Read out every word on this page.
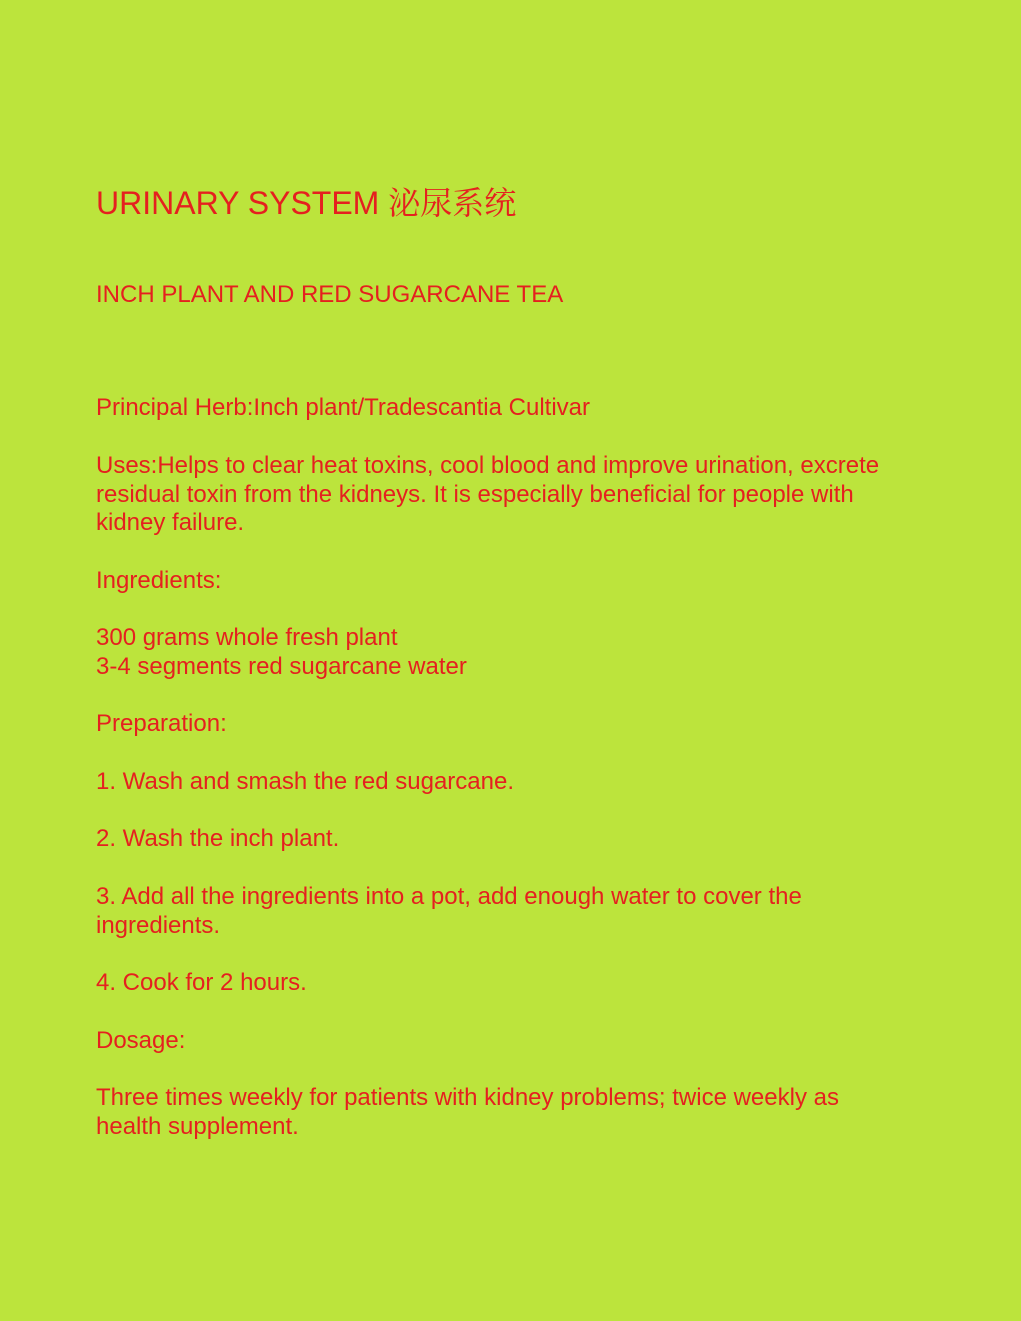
URINARY SYSTEM 泌尿系统
INCH PLANT AND RED SUGARCANE TEA

Principal Herb:Inch plant/Tradescantia Cultivar

Uses:Helps to clear heat toxins, cool blood and improve urination, excrete residual toxin from the kidneys. It is especially beneficial for people with kidney failure.

Ingredients:

300 grams whole fresh plant

3-4 segments red sugarcane water

Preparation:

1. Wash and smash the red sugarcane.

2. Wash the inch plant.

3. Add all the ingredients into a pot, add enough water to cover the ingredients.

4. Cook for 2 hours.

Dosage:

Three times weekly for patients with kidney problems; twice weekly as health supplement.
